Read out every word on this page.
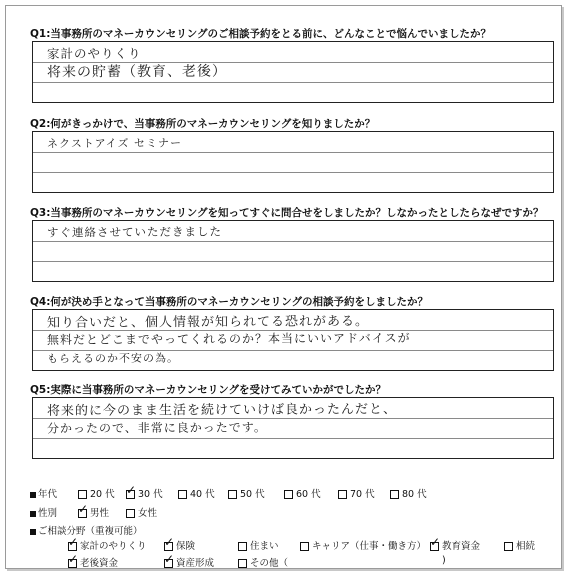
Q1:当事務所のマネーカウンセリングのご相談予約をとる前に、どんなことで悩んでいましたか？
家計のやりくり
将来の貯蓄（教育、老後）
Q2:何がきっかけで、当事務所のマネーカウンセリングを知りましたか？
ネクストアイズ セミナー
Q3:当事務所のマネーカウンセリングを知ってすぐに問合せをしましたか？しなかったとしたらなぜですか？
すぐ連絡させていただきました
Q4:何が決め手となって当事務所のマネーカウンセリングの相談予約をしましたか？
知り合いだと、個人情報が知られてる恐れがある。
無料だとどこまでやってくれるのか？本当にいいアドバイスが
もらえるのか不安の為。
Q5:実際に当事務所のマネーカウンセリングを受けてみていかがでしたか？
将来的に今のまま生活を続けていけば良かったんだと、
分かったので、非常に良かったです。
年代	20 代 ✓	30 代	40 代	50 代	60 代	70 代	80 代
性別 ✓	男性	女性
ご相談分野（重複可能）
✓家計のやりくり ✓	保険	住まい	キャリア（仕事・働き方） ✓	教育資金	相続
✓老後資金 ✓	資産形成	その他（	)
